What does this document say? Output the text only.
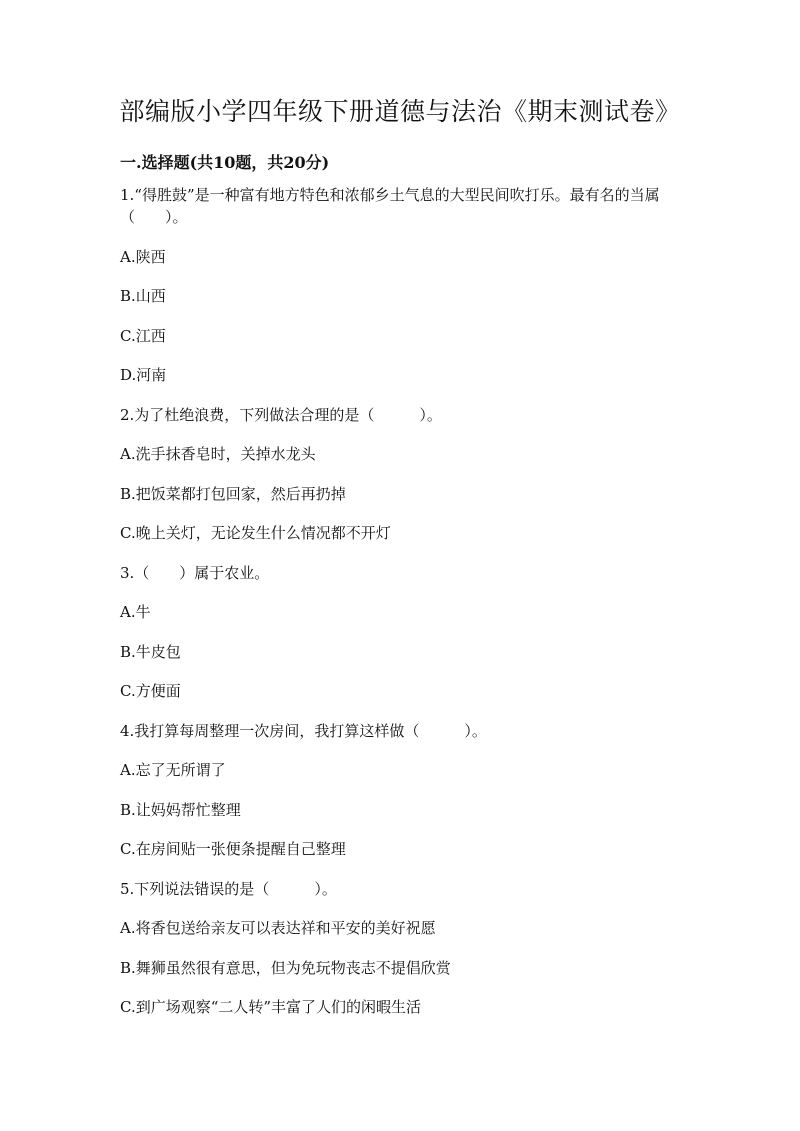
部编版小学四年级下册道德与法治《期末测试卷》
一.选择题(共10题，共20分)

1.“得胜鼓”是一种富有地方特色和浓郁乡土气息的大型民间吹打乐。最有名的当属（　　）。

A.陕西

B.山西

C.江西

D.河南

2.为了杜绝浪费，下列做法合理的是（　　　）。

A.洗手抹香皂时，关掉水龙头

B.把饭菜都打包回家，然后再扔掉

C.晚上关灯，无论发生什么情况都不开灯

3.（　　）属于农业。

A.牛

B.牛皮包

C.方便面

4.我打算每周整理一次房间，我打算这样做（　　　）。

A.忘了无所谓了

B.让妈妈帮忙整理

C.在房间贴一张便条提醒自己整理

5.下列说法错误的是（　　　）。

A.将香包送给亲友可以表达祥和平安的美好祝愿

B.舞狮虽然很有意思，但为免玩物丧志不提倡欣赏

C.到广场观察“二人转”丰富了人们的闲暇生活
